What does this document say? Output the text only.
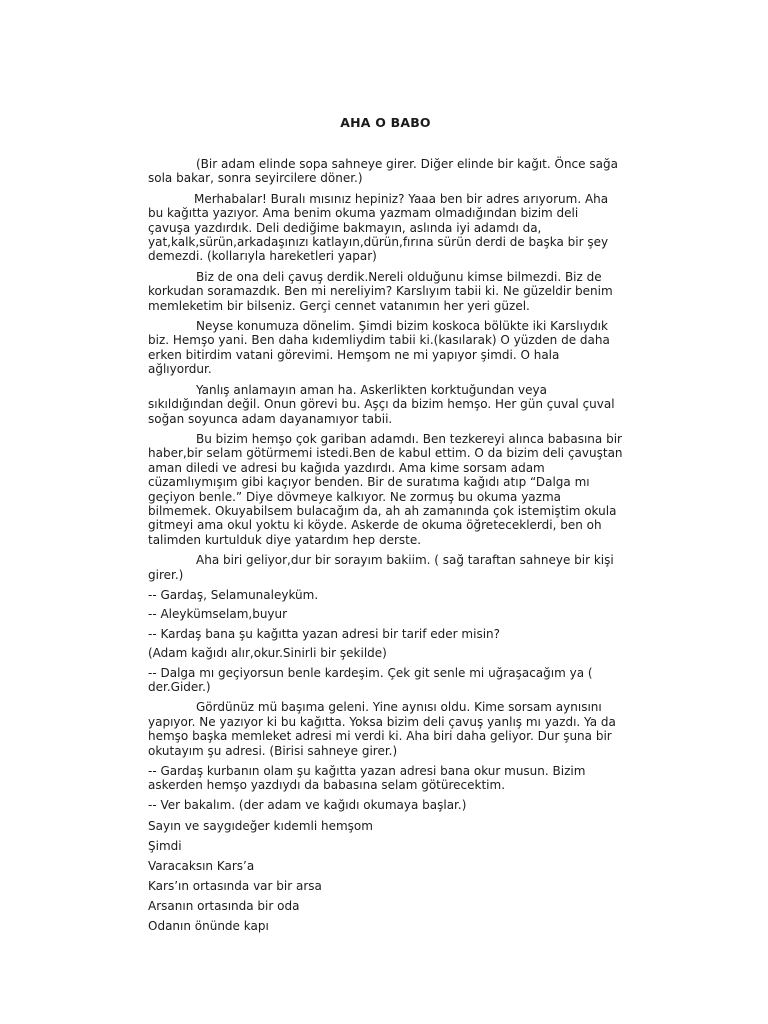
AHA O BABO

(Bir adam elinde sopa sahneye girer. Diğer elinde bir kağıt. Önce sağa sola bakar, sonra seyircilere döner.)

Merhabalar! Buralı mısınız hepiniz? Yaaa ben bir adres arıyorum. Aha bu kağıtta yazıyor. Ama benim okuma yazmam olmadığından bizim deli çavuşa yazdırdık. Deli dediğime bakmayın, aslında iyi adamdı da, yat,kalk,sürün,arkadaşınızı katlayın,dürün,fırına sürün derdi de başka bir şey demezdi. (kollarıyla hareketleri yapar)

Biz de ona deli çavuş derdik.Nereli olduğunu kimse bilmezdi. Biz de korkudan soramazdık. Ben mi nereliyim? Karslıyım tabii ki. Ne güzeldir benim memleketim bir bilseniz. Gerçi cennet vatanımın her yeri güzel.

Neyse konumuza dönelim. Şimdi bizim koskoca bölükte iki Karslıydık biz. Hemşo yani. Ben daha kıdemliydim tabii ki.(kasılarak) O yüzden de daha erken bitirdim vatani görevimi. Hemşom ne mi yapıyor şimdi. O hala ağlıyordur.

Yanlış anlamayın aman ha. Askerlikten korktuğundan veya sıkıldığından değil. Onun görevi bu. Aşçı da bizim hemşo. Her gün çuval çuval soğan soyunca adam dayanamıyor tabii.

Bu bizim hemşo çok gariban adamdı. Ben tezkereyi alınca babasına bir haber,bir selam götürmemi istedi.Ben de kabul ettim. O da bizim deli çavuştan aman diledi ve adresi bu kağıda yazdırdı. Ama kime sorsam adam cüzamlıymışım gibi kaçıyor benden. Bir de suratıma kağıdı atıp “Dalga mı geçiyon benle.” Diye dövmeye kalkıyor. Ne zormuş bu okuma yazma bilmemek. Okuyabilsem bulacağım da, ah ah zamanında çok istemiştim okula gitmeyi ama okul yoktu ki köyde. Askerde de okuma öğreteceklerdi, ben oh talimden kurtulduk diye yatardım hep derste.

Aha biri geliyor,dur bir sorayım bakiim. ( sağ taraftan sahneye bir kişi girer.)

-- Gardaş, Selamunaleyküm.

-- Aleykümselam,buyur

-- Kardaş bana şu kağıtta yazan adresi bir tarif eder misin?

(Adam kağıdı alır,okur.Sinirli bir şekilde)

-- Dalga mı geçiyorsun benle kardeşim. Çek git senle mi uğraşacağım ya ( der.Gider.)

Gördünüz mü başıma geleni. Yine aynısı oldu. Kime sorsam aynısını yapıyor. Ne yazıyor ki bu kağıtta. Yoksa bizim deli çavuş yanlış mı yazdı. Ya da hemşo başka memleket adresi mi verdi ki. Aha biri daha geliyor. Dur şuna bir okutayım şu adresi. (Birisi sahneye girer.)

-- Gardaş kurbanın olam şu kağıtta yazan adresi bana okur musun. Bizim askerden hemşo yazdıydı da babasına selam götürecektim.

-- Ver bakalım. (der adam ve kağıdı okumaya başlar.)

Sayın ve saygıdeğer kıdemli hemşom
Şimdi
Varacaksın Kars’a
Kars’ın ortasında var bir arsa
Arsanın ortasında bir oda
Odanın önünde kapı
